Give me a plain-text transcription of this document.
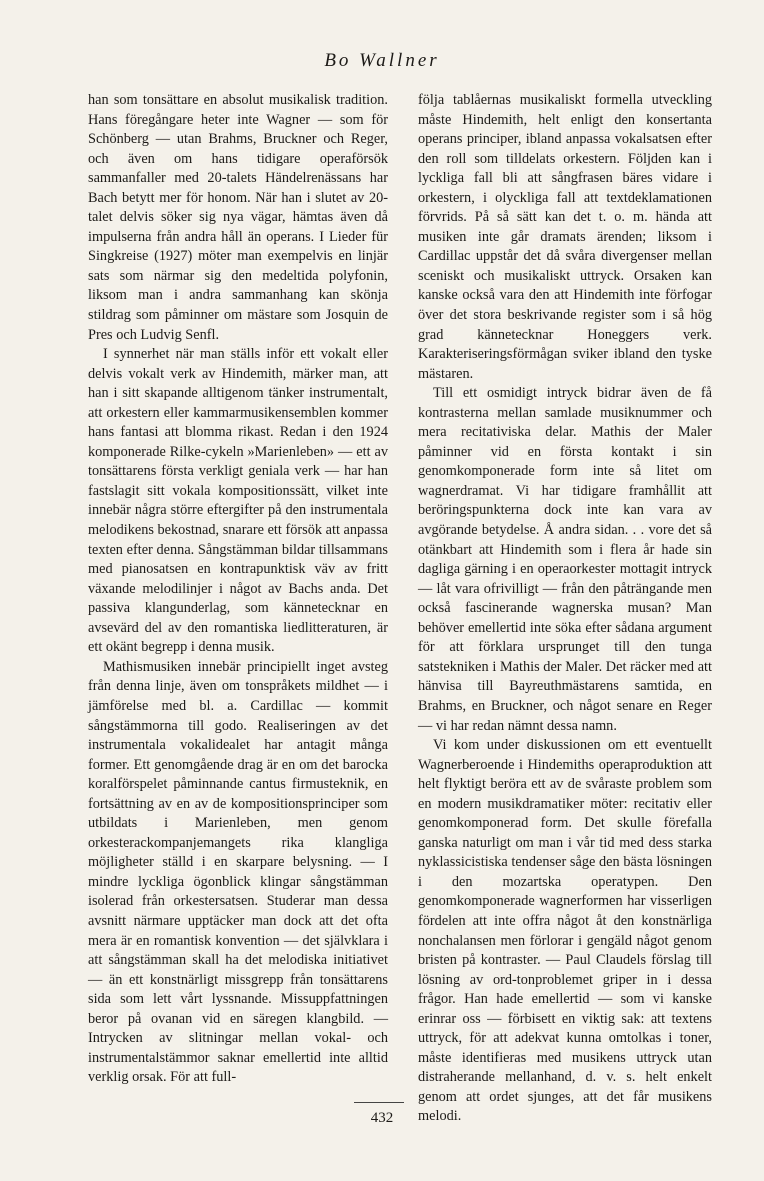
Bo Wallner

han som tonsättare en absolut musikalisk tradition. Hans föregångare heter inte Wagner — som för Schönberg — utan Brahms, Bruckner och Reger, och även om hans tidigare operaförsök sammanfaller med 20-talets Händelrenässans har Bach betytt mer för honom. När han i slutet av 20-talet delvis söker sig nya vägar, hämtas även då impulserna från andra håll än operans. I Lieder für Singkreise (1927) möter man exempelvis en linjär sats som närmar sig den medeltida polyfonin, liksom man i andra sammanhang kan skönja stildrag som påminner om mästare som Josquin de Pres och Ludvig Senfl.

I synnerhet när man ställs inför ett vokalt eller delvis vokalt verk av Hindemith, märker man, att han i sitt skapande alltigenom tänker instrumentalt, att orkestern eller kammarmusikensemblen kommer hans fantasi att blomma rikast. Redan i den 1924 komponerade Rilke-cykeln »Marienleben» — ett av tonsättarens första verkligt geniala verk — har han fastslagit sitt vokala kompositionssätt, vilket inte innebär några större eftergifter på den instrumentala melodikens bekostnad, snarare ett försök att anpassa texten efter denna. Sångstämman bildar tillsammans med pianosatsen en kontrapunktisk väv av fritt växande melodilinjer i något av Bachs anda. Det passiva klangunderlag, som kännetecknar en avsevärd del av den romantiska liedlitteraturen, är ett okänt begrepp i denna musik.

Mathismusiken innebär principiellt inget avsteg från denna linje, även om tonspråkets mildhet — i jämförelse med bl. a. Cardillac — kommit sångstämmorna till godo. Realiseringen av det instrumentala vokalidealet har antagit många former. Ett genomgående drag är en om det barocka koralförspelet påminnande cantus firmusteknik, en fortsättning av en av de kompositionsprinciper som utbildats i Marienleben, men genom orkesterackompanjemangets rika klangliga möjligheter ställd i en skarpare belysning. — I mindre lyckliga ögonblick klingar sångstämman isolerad från orkestersatsen. Studerar man dessa avsnitt närmare upptäcker man dock att det ofta mera är en romantisk konvention — det självklara i att sångstämman skall ha det melodiska initiativet — än ett konstnärligt missgrepp från tonsättarens sida som lett vårt lyssnande. Missuppfattningen beror på ovanan vid en säregen klangbild. — Intrycken av slitningar mellan vokal- och instrumentalstämmor saknar emellertid inte alltid verklig orsak. För att full-

följa tablåernas musikaliskt formella utveckling måste Hindemith, helt enligt den konsertanta operans principer, ibland anpassa vokalsatsen efter den roll som tilldelats orkestern. Följden kan i lyckliga fall bli att sångfrasen bäres vidare i orkestern, i olyckliga fall att textdeklamationen förvrids. På så sätt kan det t. o. m. hända att musiken inte går dramats ärenden; liksom i Cardillac uppstår det då svåra divergenser mellan sceniskt och musikaliskt uttryck. Orsaken kan kanske också vara den att Hindemith inte förfogar över det stora beskrivande register som i så hög grad kännetecknar Honeggers verk. Karakteriseringsförmågan sviker ibland den tyske mästaren.

Till ett osmidigt intryck bidrar även de få kontrasterna mellan samlade musiknummer och mera recitativiska delar. Mathis der Maler påminner vid en första kontakt i sin genomkomponerade form inte så litet om wagnerdramat. Vi har tidigare framhållit att beröringspunkterna dock inte kan vara av avgörande betydelse. Å andra sidan. . . vore det så otänkbart att Hindemith som i flera år hade sin dagliga gärning i en operaorkester mottagit intryck — låt vara ofrivilligt — från den påträngande men också fascinerande wagnerska musan? Man behöver emellertid inte söka efter sådana argument för att förklara ursprunget till den tunga satstekniken i Mathis der Maler. Det räcker med att hänvisa till Bayreuthmästarens samtida, en Brahms, en Bruckner, och något senare en Reger — vi har redan nämnt dessa namn.

Vi kom under diskussionen om ett eventuellt Wagnerberoende i Hindemiths operaproduktion att helt flyktigt beröra ett av de svåraste problem som en modern musikdramatiker möter: recitativ eller genomkomponerad form. Det skulle förefalla ganska naturligt om man i vår tid med dess starka nyklassicistiska tendenser såge den bästa lösningen i den mozartska operatypen. Den genomkomponerade wagnerformen har visserligen fördelen att inte offra något åt den konstnärliga nonchalansen men förlorar i gengäld något genom bristen på kontraster. — Paul Claudels förslag till lösning av ord-tonproblemet griper in i dessa frågor. Han hade emellertid — som vi kanske erinrar oss — förbisett en viktig sak: att textens uttryck, för att adekvat kunna omtolkas i toner, måste identifieras med musikens uttryck utan distraherande mellanhand, d. v. s. helt enkelt genom att ordet sjunges, att det får musikens melodi.

432
